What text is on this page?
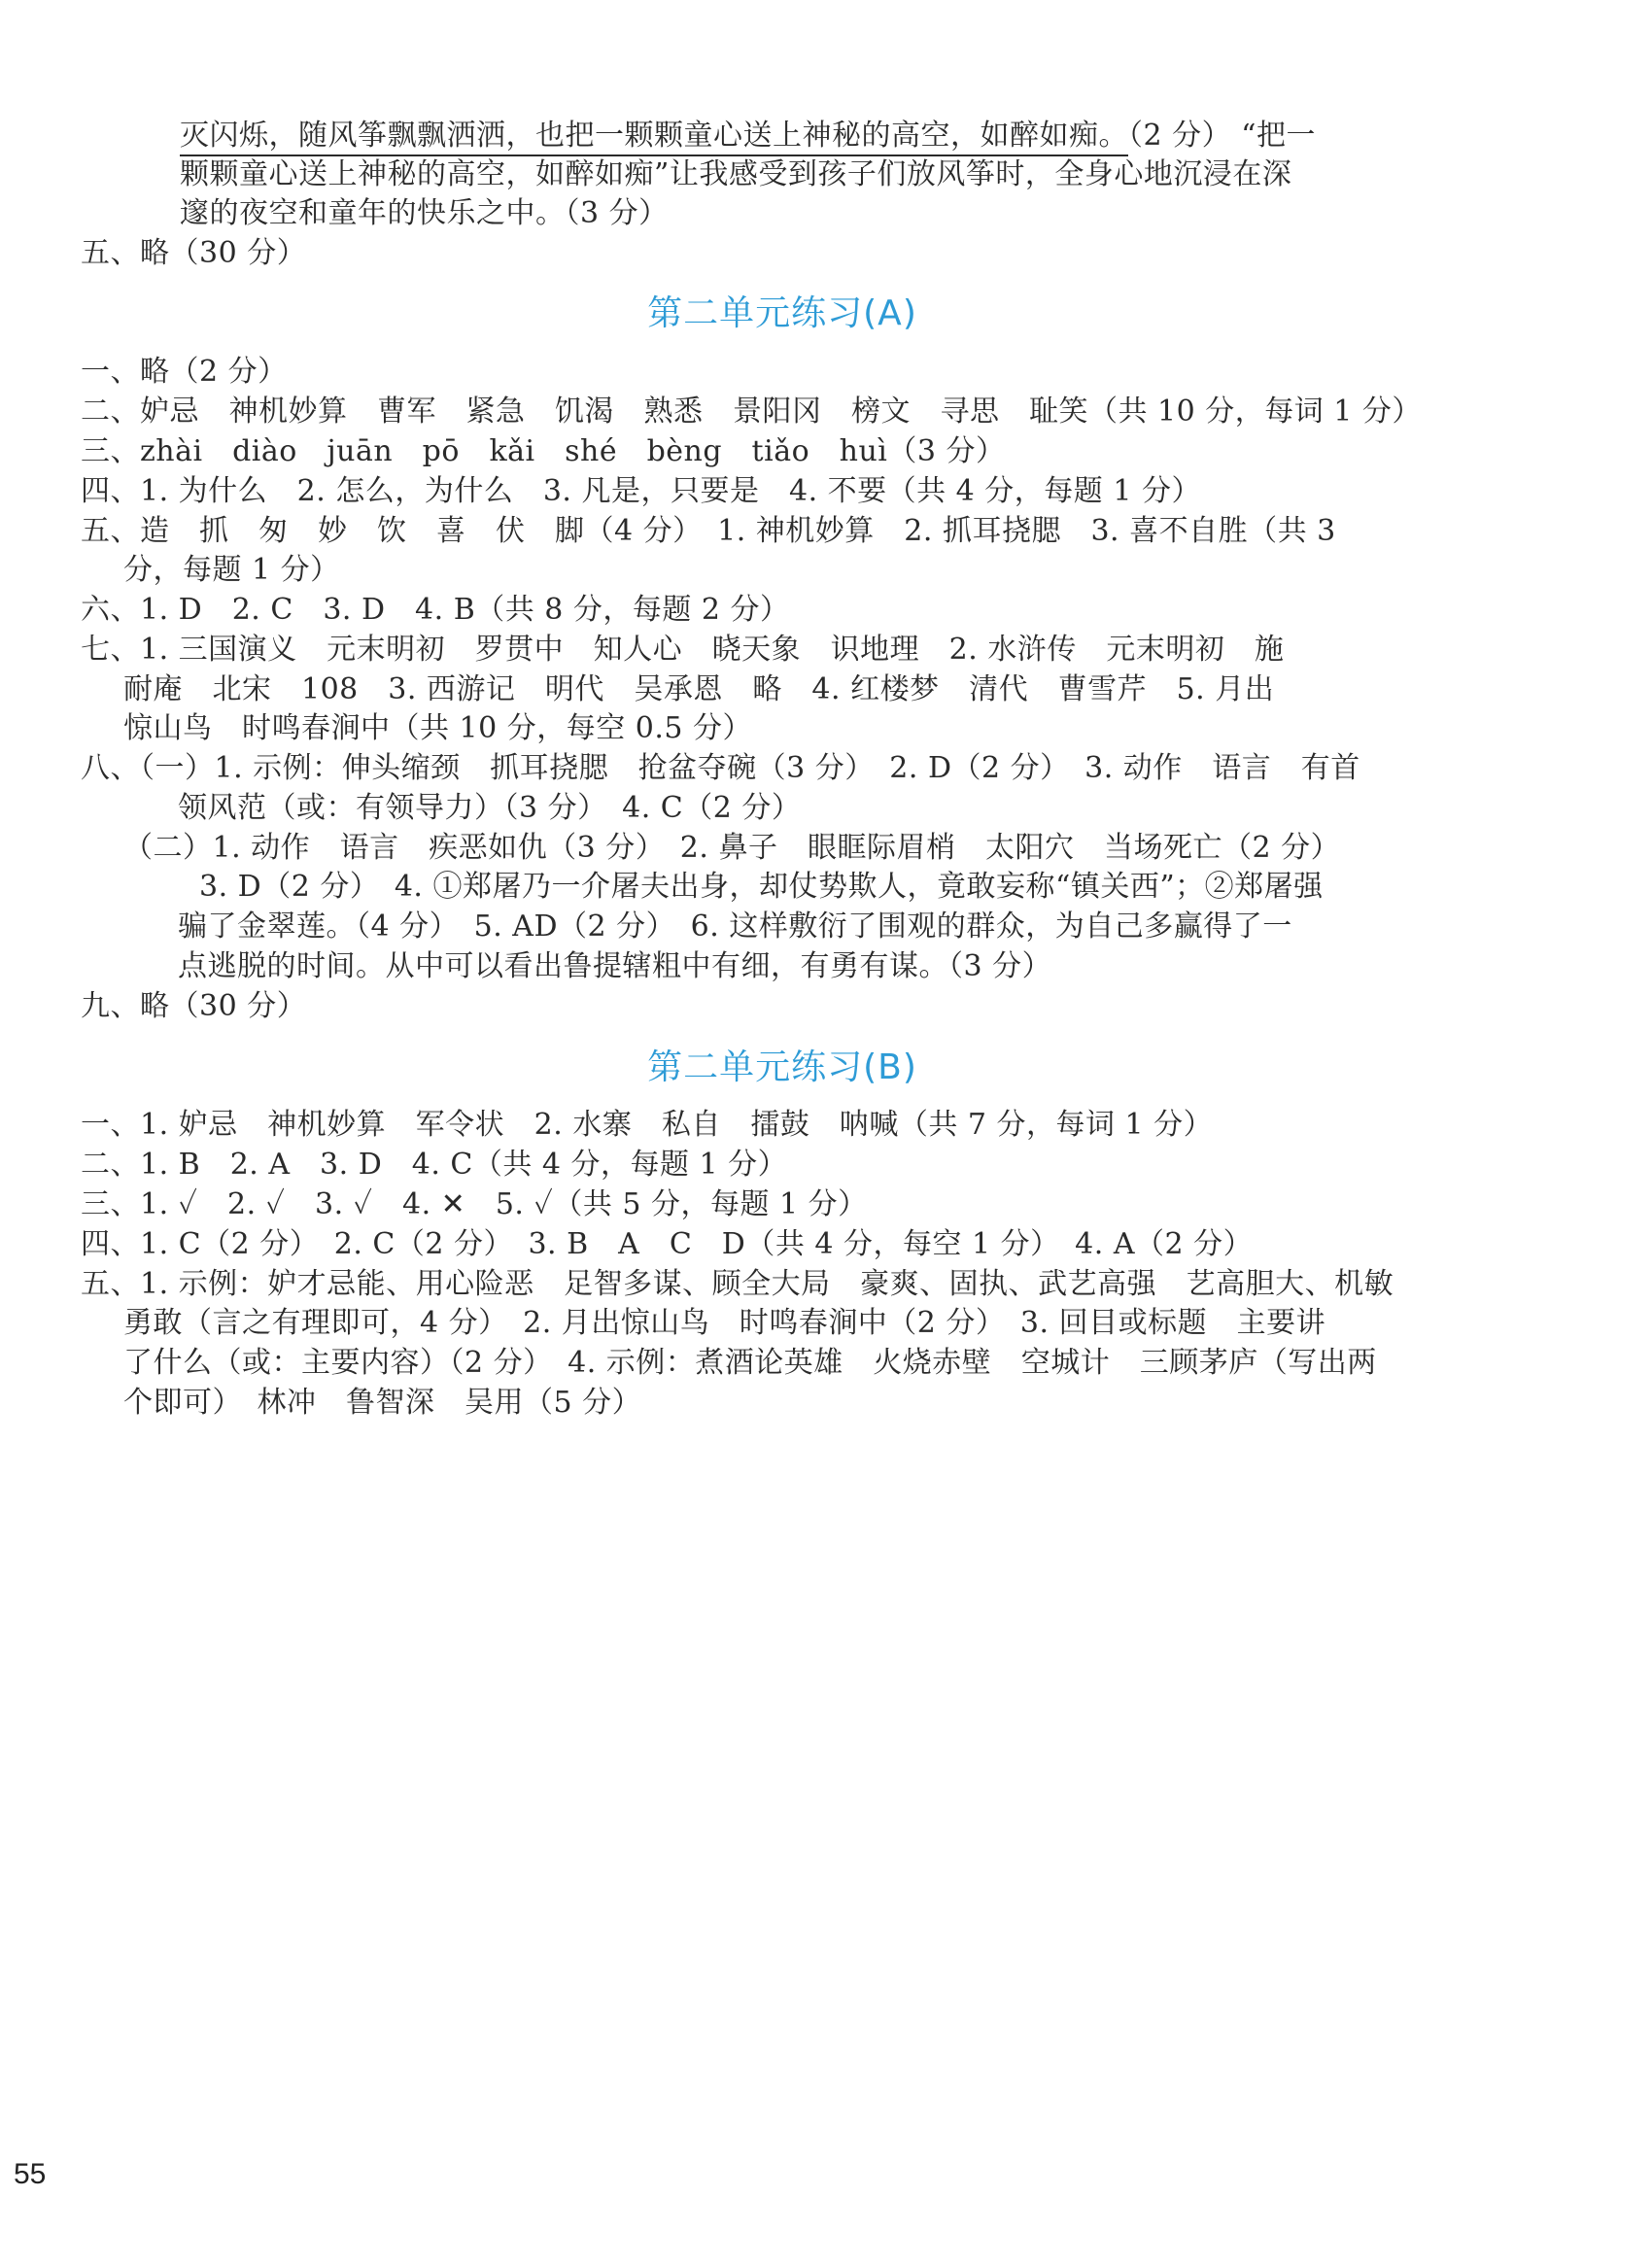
灭闪烁，随风筝飘飘洒洒，也把一颗颗童心送上神秘的高空，如醉如痴。（2 分） “把一
颗颗童心送上神秘的高空，如醉如痴”让我感受到孩子们放风筝时，全身心地沉浸在深
邃的夜空和童年的快乐之中。（3 分）
五、略（30 分）
第二单元练习(A)
一、略（2 分）
二、妒忌　神机妙算　曹军　紧急　饥渴　熟悉　景阳冈　榜文　寻思　耻笑（共 10 分，每词 1 分）
三、zhài　diào　juān　pō　kǎi　shé　bèng　tiǎo　huì（3 分）
四、1. 为什么　2. 怎么，为什么　3. 凡是，只要是　4. 不要（共 4 分，每题 1 分）
五、造　抓　匆　妙　饮　喜　伏　脚（4 分）　1. 神机妙算　2. 抓耳挠腮　3. 喜不自胜（共 3
分，每题 1 分）
六、1. D　2. C　3. D　4. B（共 8 分，每题 2 分）
七、1. 三国演义　元末明初　罗贯中　知人心　晓天象　识地理　2. 水浒传　元末明初　施
耐庵　北宋　108　3. 西游记　明代　吴承恩　略　4. 红楼梦　清代　曹雪芹　5. 月出
惊山鸟　时鸣春涧中（共 10 分，每空 0.5 分）
八、（一）1. 示例：伸头缩颈　抓耳挠腮　抢盆夺碗（3 分）　2. D（2 分）　3. 动作　语言　有首
领风范（或：有领导力）（3 分）　4. C（2 分）
（二）1. 动作　语言　疾恶如仇（3 分）　2. 鼻子　眼眶际眉梢　太阳穴　当场死亡（2 分）
3. D（2 分）　4. ①郑屠乃一介屠夫出身，却仗势欺人，竟敢妄称“镇关西”；②郑屠强
骗了金翠莲。（4 分）　5. AD（2 分）　6. 这样敷衍了围观的群众，为自己多赢得了一
点逃脱的时间。从中可以看出鲁提辖粗中有细，有勇有谋。（3 分）
九、略（30 分）
第二单元练习(B)
一、1. 妒忌　神机妙算　军令状　2. 水寨　私自　擂鼓　呐喊（共 7 分，每词 1 分）
二、1. B　2. A　3. D　4. C（共 4 分，每题 1 分）
三、1. ✓　2. ✓　3. ✓　4. ✕　5. ✓（共 5 分，每题 1 分）
四、1. C（2 分）　2. C（2 分）　3. B　A　C　D（共 4 分，每空 1 分）　4. A（2 分）
五、1. 示例：妒才忌能、用心险恶　足智多谋、顾全大局　豪爽、固执、武艺高强　艺高胆大、机敏
勇敢（言之有理即可，4 分）　2. 月出惊山鸟　时鸣春涧中（2 分）　3. 回目或标题　主要讲
了什么（或：主要内容）（2 分）　4. 示例：煮酒论英雄　火烧赤壁　空城计　三顾茅庐（写出两
个即可）　林冲　鲁智深　吴用（5 分）
55
